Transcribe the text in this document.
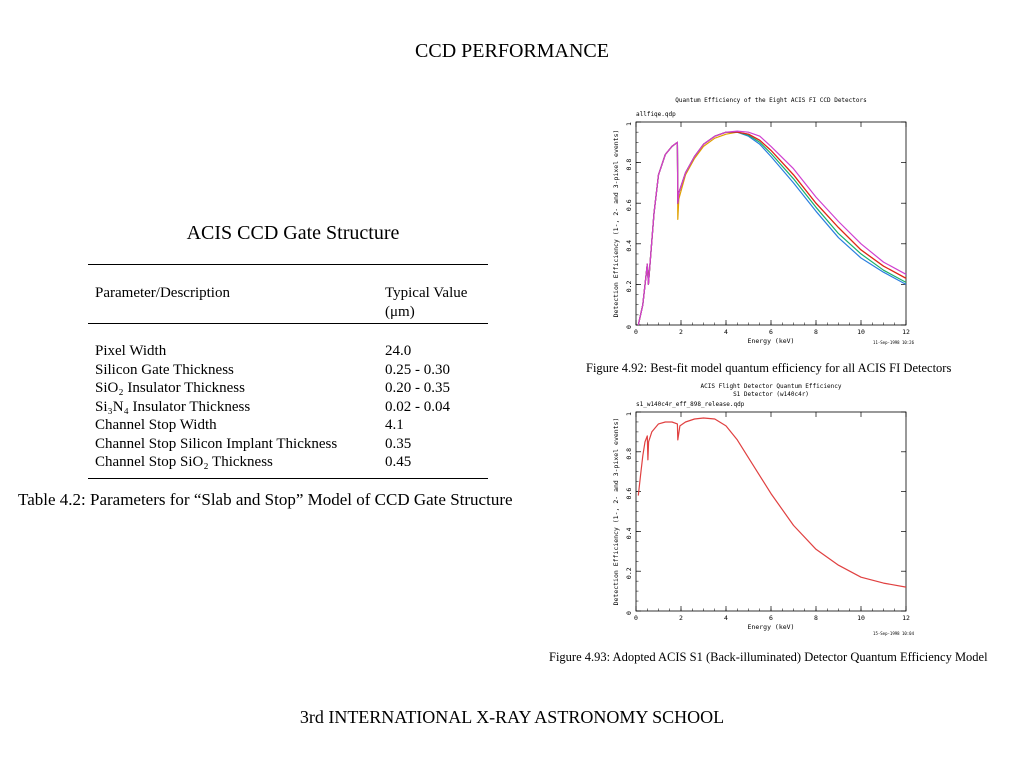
CCD PERFORMANCE
ACIS CCD Gate Structure
Parameter/Description	Typical Value
(μm)
Pixel Width	24.0
Silicon Gate Thickness	0.25 - 0.30
SiO₂ Insulator Thickness	0.20 - 0.35
Si₃N₄ Insulator Thickness	0.02 - 0.04
Channel Stop Width	4.1
Channel Stop Silicon Implant Thickness	0.35
Channel Stop SiO₂ Thickness	0.45
Table 4.2: Parameters for “Slab and Stop” Model of CCD Gate Structure
Quantum Efficiency of the Eight ACIS FI CCD Detectors
allfiqe.qdp
0	2	4	6	8	10	12
0
0.2
0.4
0.6
0.8
1
Energy (keV)
Detection Efficiency (1-, 2- and 3-pixel events)
11-Sep-1998 10:26
Figure 4.92: Best-fit model quantum efficiency for all ACIS FI Detectors
ACIS Flight Detector Quantum Efficiency
S1 Detector (w140c4r)
s1_w140c4r_eff_898_release.qdp
0	2	4	6	8	10	12
0
0.2
0.4
0.6
0.8
1
Energy (keV)
Detection Efficiency (1-, 2- and 3-pixel events)
15-Sep-1998 10:04
Figure 4.93: Adopted ACIS S1 (Back-illuminated) Detector Quantum Efficiency Model
3rd INTERNATIONAL X-RAY ASTRONOMY SCHOOL
